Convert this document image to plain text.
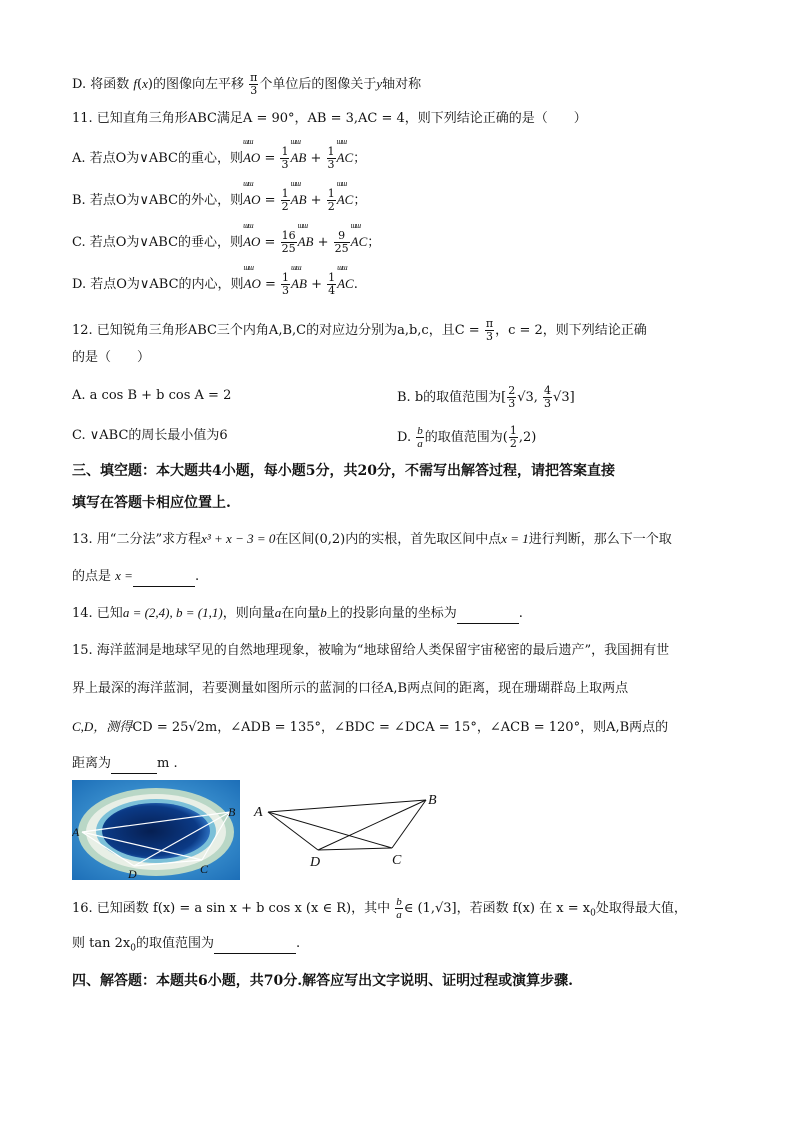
D. 将函数 f(x)的图像向左平移 $\frac{\pi}{3}$ 个单位后的图像关于y轴对称
11. 已知直角三角形ABC满足A = 90°，AB = 3,AC = 4，则下列结论正确的是（　　）
A. 若点O为∨ABC的重心，则
ɯɯ
AO = $\frac{1}{3}$
ɯɯ
AB + $\frac{1}{3}$
ɯɯ
AC；
B. 若点O为∨ABC的外心，则
ɯɯ
AO = $\frac{1}{2}$
ɯɯ
AB + $\frac{1}{2}$
ɯɯ
AC；
C. 若点O为∨ABC的垂心，则
ɯɯ
AO = $\frac{16}{25}$
ɯɯ
AB + $\frac{9}{25}$
ɯɯ
AC；
D. 若点O为∨ABC的内心，则
ɯɯ
AO = $\frac{1}{3}$
ɯɯ
AB + $\frac{1}{4}$
ɯɯ
AC.
12. 已知锐角三角形ABC三个内角A,B,C的对应边分别为a,b,c，且$C = \frac{\pi}{3}$ ，c = 2，则下列结论正确
的是（　　）
A. a cos B + b cos A = 2	B. b的取值范围为[ $\frac{2}{3} √3$, $\frac{4}{3} √3$]
C. ∨ABC的周长最小值为6	D. $\frac{b}{a}$ 的取值范围为( $\frac{1}{2} ,2$)
三、填空题：本大题共4小题，每小题5分，共20分，不需写出解答过程，请把答案直接
填写在答题卡相应位置上.
13. 用“二分法”求方程x³ + x − 3 = 0在区间(0,2)内的实根，首先取区间中点x = 1进行判断，那么下一个取
的点是 x =	.
14. 已知a = (2,4), b = (1,1)，则向量a在向量b上的投影向量的坐标为	.
15. 海洋蓝洞是地球罕见的自然地理现象，被喻为“地球留给人类保留宇宙秘密的最后遗产”，我国拥有世
界上最深的海洋蓝洞，若要测量如图所示的蓝洞的口径A,B两点间的距离，现在珊瑚群岛上取两点
C,D，测得CD = 25√2m，∠ADB = 135°，∠BDC = ∠DCA = 15°，∠ACB = 120°，则A,B两点的
距离为	m .
A
B
C
D
A
B
C
D
16. 已知函数 f(x) = a sin x + b cos x (x ∈ R)，其中 $\frac{b}{a}$ ∈ (1,√3]，若函数 f(x) 在 $x = x_0$处取得最大值，
则 $\tan 2x_0$的取值范围为	.
四、解答题：本题共6小题，共70分.解答应写出文字说明、证明过程或演算步骤.
